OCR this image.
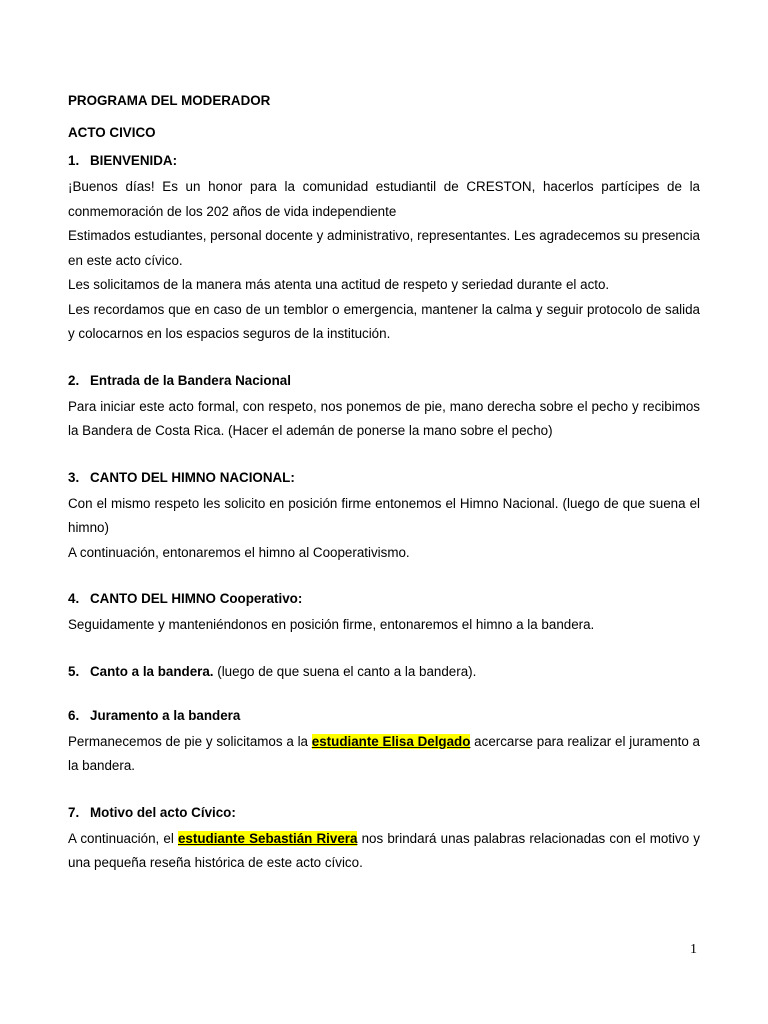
PROGRAMA DEL MODERADOR
ACTO CIVICO
1. BIENVENIDA:

¡Buenos días! Es un honor para la comunidad estudiantil de CRESTON, hacerlos partícipes de la conmemoración de los 202 años de vida independiente

Estimados estudiantes, personal docente y administrativo, representantes. Les agradecemos su presencia en este acto cívico.

Les solicitamos de la manera más atenta una actitud de respeto y seriedad durante el acto.

Les recordamos que en caso de un temblor o emergencia, mantener la calma y seguir protocolo de salida y colocarnos en los espacios seguros de la institución.

2. Entrada de la Bandera Nacional

Para iniciar este acto formal, con respeto, nos ponemos de pie, mano derecha sobre el pecho y recibimos la Bandera de Costa Rica. (Hacer el ademán de ponerse la mano sobre el pecho)

3. CANTO DEL HIMNO NACIONAL:

Con el mismo respeto les solicito en posición firme entonemos el Himno Nacional. (luego de que suena el himno)

A continuación, entonaremos el himno al Cooperativismo.

4. CANTO DEL HIMNO Cooperativo:

Seguidamente y manteniéndonos en posición firme, entonaremos el himno a la bandera.

5. Canto a la bandera. (luego de que suena el canto a la bandera).
6. Juramento a la bandera

Permanecemos de pie y solicitamos a la estudiante Elisa Delgado acercarse para realizar el juramento a la bandera.

7. Motivo del acto Cívico:

A continuación, el estudiante Sebastián Rivera nos brindará unas palabras relacionadas con el motivo y una pequeña reseña histórica de este acto cívico.

1
